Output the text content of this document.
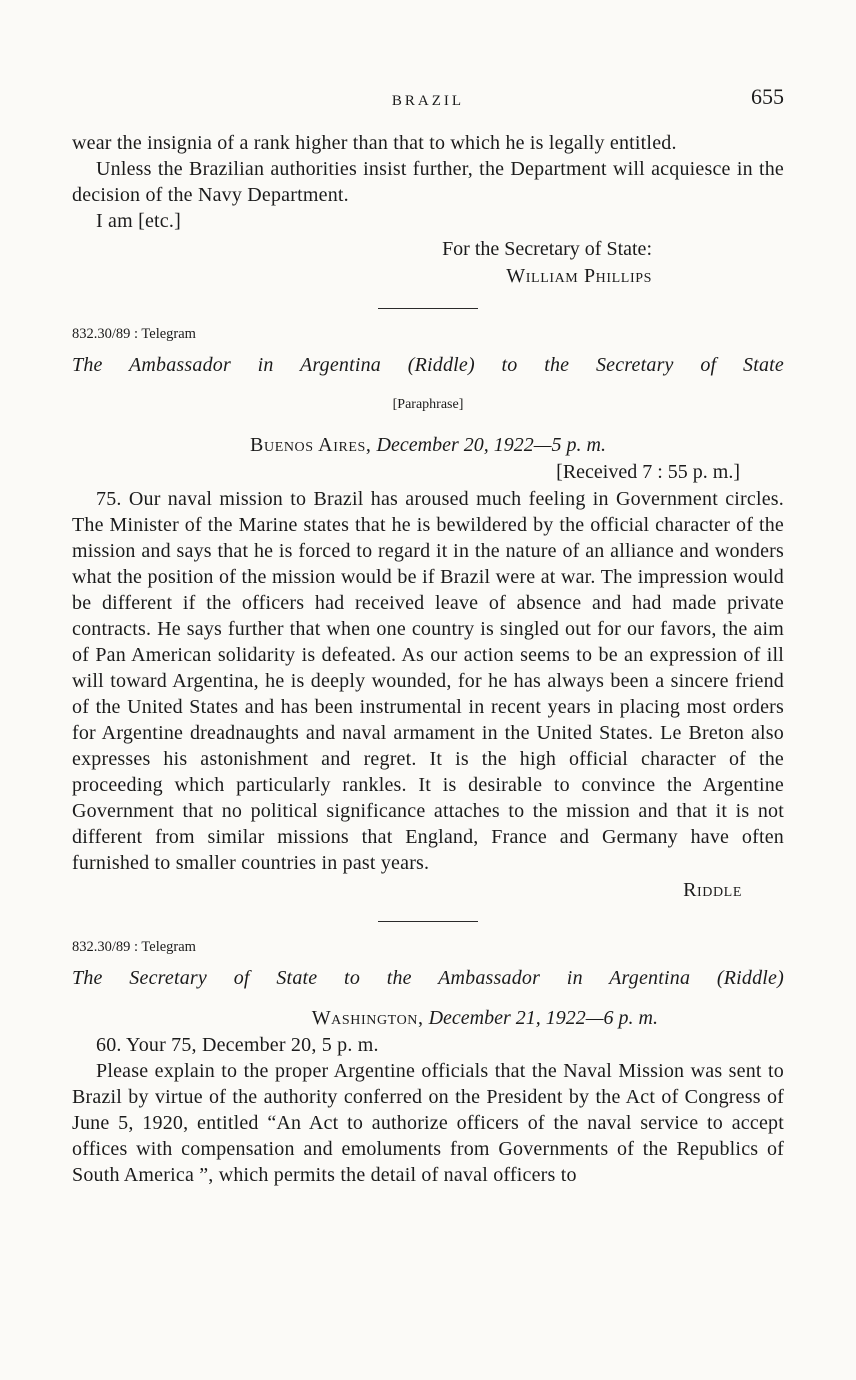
BRAZIL	655

wear the insignia of a rank higher than that to which he is legally entitled.

Unless the Brazilian authorities insist further, the Department will acquiesce in the decision of the Navy Department.

I am [etc.]

For the Secretary of State:
William Phillips
832.30/89 : Telegram
The Ambassador in Argentina (Riddle) to the Secretary of State
[Paraphrase]
Buenos Aires, December 20, 1922—5 p. m.
[Received 7 : 55 p. m.]

75. Our naval mission to Brazil has aroused much feeling in Government circles. The Minister of the Marine states that he is bewildered by the official character of the mission and says that he is forced to regard it in the nature of an alliance and wonders what the position of the mission would be if Brazil were at war. The impression would be different if the officers had received leave of absence and had made private contracts. He says further that when one country is singled out for our favors, the aim of Pan American solidarity is defeated. As our action seems to be an expression of ill will toward Argentina, he is deeply wounded, for he has always been a sincere friend of the United States and has been instrumental in recent years in placing most orders for Argentine dreadnaughts and naval armament in the United States. Le Breton also expresses his astonishment and regret. It is the high official character of the proceeding which particularly rankles. It is desirable to convince the Argentine Government that no political significance attaches to the mission and that it is not different from similar missions that England, France and Germany have often furnished to smaller countries in past years.

Riddle
832.30/89 : Telegram
The Secretary of State to the Ambassador in Argentina (Riddle)
Washington, December 21, 1922—6 p. m.

60. Your 75, December 20, 5 p. m.

Please explain to the proper Argentine officials that the Naval Mission was sent to Brazil by virtue of the authority conferred on the President by the Act of Congress of June 5, 1920, entitled “An Act to authorize officers of the naval service to accept offices with compensation and emoluments from Governments of the Republics of South America ”, which permits the detail of naval officers to
